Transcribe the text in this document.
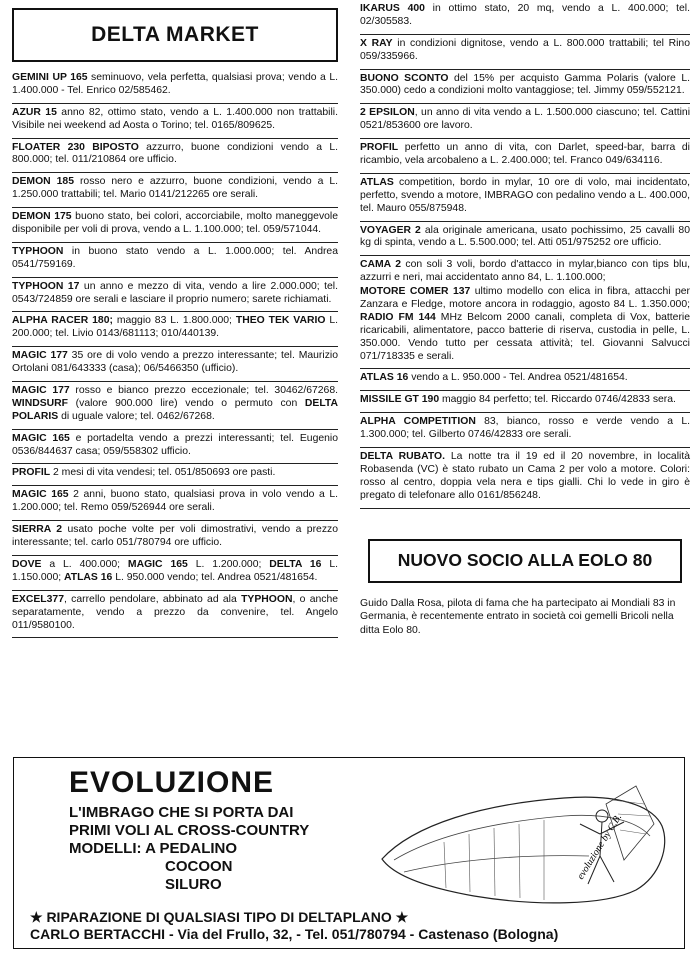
DELTA MARKET

GEMINI UP 165 seminuovo, vela perfetta, qualsiasi prova; vendo a L. 1.400.000 - Tel. Enrico 02/585462.

AZUR 15 anno 82, ottimo stato, vendo a L. 1.400.000 non trattabili. Visibile nei weekend ad Aosta o Torino; tel. 0165/809625.

FLOATER 230 BIPOSTO azzurro, buone condizioni vendo a L. 800.000; tel. 011/210864 ore ufficio.

DEMON 185 rosso nero e azzurro, buone condizioni, vendo a L. 1.250.000 trattabili; tel. Mario 0141/212265 ore serali.

DEMON 175 buono stato, bei colori, accorciabile, molto maneggevole disponibile per voli di prova, vendo a L. 1.100.000; tel. 059/571044.

TYPHOON in buono stato vendo a L. 1.000.000; tel. Andrea 0541/759169.

TYPHOON 17 un anno e mezzo di vita, vendo a lire 2.000.000; tel. 0543/724859 ore serali e lasciare il proprio numero; sarete richiamati.

ALPHA RACER 180; maggio 83 L. 1.800.000; THEO TEK VARIO L. 200.000; tel. Livio 0143/681113; 010/440139.

MAGIC 177 35 ore di volo vendo a prezzo interessante; tel. Maurizio Ortolani 081/643333 (casa); 06/5466350 (ufficio).

MAGIC 177 rosso e bianco prezzo eccezionale; tel. 30462/67268. WINDSURF (valore 900.000 lire) vendo o permuto con DELTA POLARIS di uguale valore; tel. 0462/67268.

MAGIC 165 e portadelta vendo a prezzi interessanti; tel. Eugenio 0536/844637 casa; 059/558302 ufficio.

PROFIL 2 mesi di vita vendesi; tel. 051/850693 ore pasti.

MAGIC 165 2 anni, buono stato, qualsiasi prova in volo vendo a L. 1.200.000; tel. Remo 059/526944 ore serali.

SIERRA 2 usato poche volte per voli dimostrativi, vendo a prezzo interessante; tel. carlo 051/780794 ore ufficio.

DOVE a L. 400.000; MAGIC 165 L. 1.200.000; DELTA 16 L. 1.150.000; ATLAS 16 L. 950.000 vendo; tel. Andrea 0521/481654.

EXCEL377, carrello pendolare, abbinato ad ala TYPHOON, o anche separatamente, vendo a prezzo da convenire, tel. Angelo 011/9580100.

IKARUS 400 in ottimo stato, 20 mq, vendo a L. 400.000; tel. 02/305583.

X RAY in condizioni dignitose, vendo a L. 800.000 trattabili; tel Rino 059/335966.

BUONO SCONTO del 15% per acquisto Gamma Polaris (valore L. 350.000) cedo a condizioni molto vantaggiose; tel. Jimmy 059/552121.

2 EPSILON, un anno di vita vendo a L. 1.500.000 ciascuno; tel. Cattini 0521/853600 ore lavoro.

PROFIL perfetto un anno di vita, con Darlet, speed-bar, barra di ricambio, vela arcobaleno a L. 2.400.000; tel. Franco 049/634116.

ATLAS competition, bordo in mylar, 10 ore di volo, mai incidentato, perfetto, svendo a motore, IMBRAGO con pedalino vendo a L. 400.000, tel. Mauro 055/875948.

VOYAGER 2 ala originale americana, usato pochissimo, 25 cavalli 80 kg di spinta, vendo a L. 5.500.000; tel. Atti 051/975252 ore ufficio.

CAMA 2 con soli 3 voli, bordo d'attacco in mylar,bianco con tips blu, azzurri e neri, mai accidentato anno 84, L. 1.100.000;

MOTORE COMER 137 ultimo modello con elica in fibra, attacchi per Zanzara e Fledge, motore ancora in rodaggio, agosto 84 L. 1.350.000; RADIO FM 144 MHz Belcom 2000 canali, completa di Vox, batterie ricaricabili, alimentatore, pacco batterie di riserva, custodia in pelle, L. 350.000. Vendo tutto per cessata attività; tel. Giovanni Salvucci 071/718335 e serali.

ATLAS 16 vendo a L. 950.000 - Tel. Andrea 0521/481654.

MISSILE GT 190 maggio 84 perfetto; tel. Riccardo 0746/42833 sera.

ALPHA COMPETITION 83, bianco, rosso e verde vendo a L. 1.300.000; tel. Gilberto 0746/42833 ore serali.

DELTA RUBATO. La notte tra il 19 ed il 20 novembre, in località Robasenda (VC) è stato rubato un Cama 2 per volo a motore. Colori: rosso al centro, doppia vela nera e tips gialli. Chi lo vede in giro è pregato di telefonare allo 0161/856248.

NUOVO SOCIO ALLA EOLO 80
Guido Dalla Rosa, pilota di fama che ha partecipato ai Mondiali 83 in Germania, è recentemente entrato in società coi gemelli Bricoli nella ditta Eolo 80.
EVOLUZIONE
L'IMBRAGO CHE SI PORTA DAI
PRIMI VOLI AL CROSS-COUNTRY
MODELLI: A PEDALINO
COCOON
SILURO
evoluzione by C.B.
★ RIPARAZIONE DI QUALSIASI TIPO DI DELTAPLANO ★
CARLO BERTACCHI - Via del Frullo, 32, - Tel. 051/780794 - Castenaso (Bologna)
